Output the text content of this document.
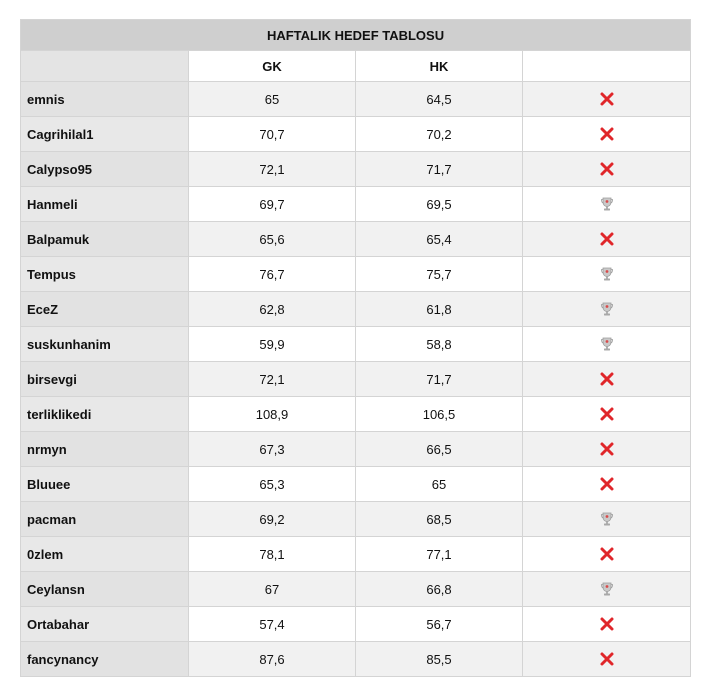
HAFTALIK HEDEF TABLOSU			
	GK	HK	
emnis	65	64,5	
Cagrihilal1	70,7	70,2	
Calypso95	72,1	71,7	
Hanmeli	69,7	69,5	
Balpamuk	65,6	65,4	
Tempus	76,7	75,7	
EceZ	62,8	61,8	
suskunhanim	59,9	58,8	
birsevgi	72,1	71,7	
terliklikedi	108,9	106,5	
nrmyn	67,3	66,5	
Bluuee	65,3	65	
pacman	69,2	68,5	
0zlem	78,1	77,1	
Ceylansn	67	66,8	
Ortabahar	57,4	56,7	
fancynancy	87,6	85,5	
